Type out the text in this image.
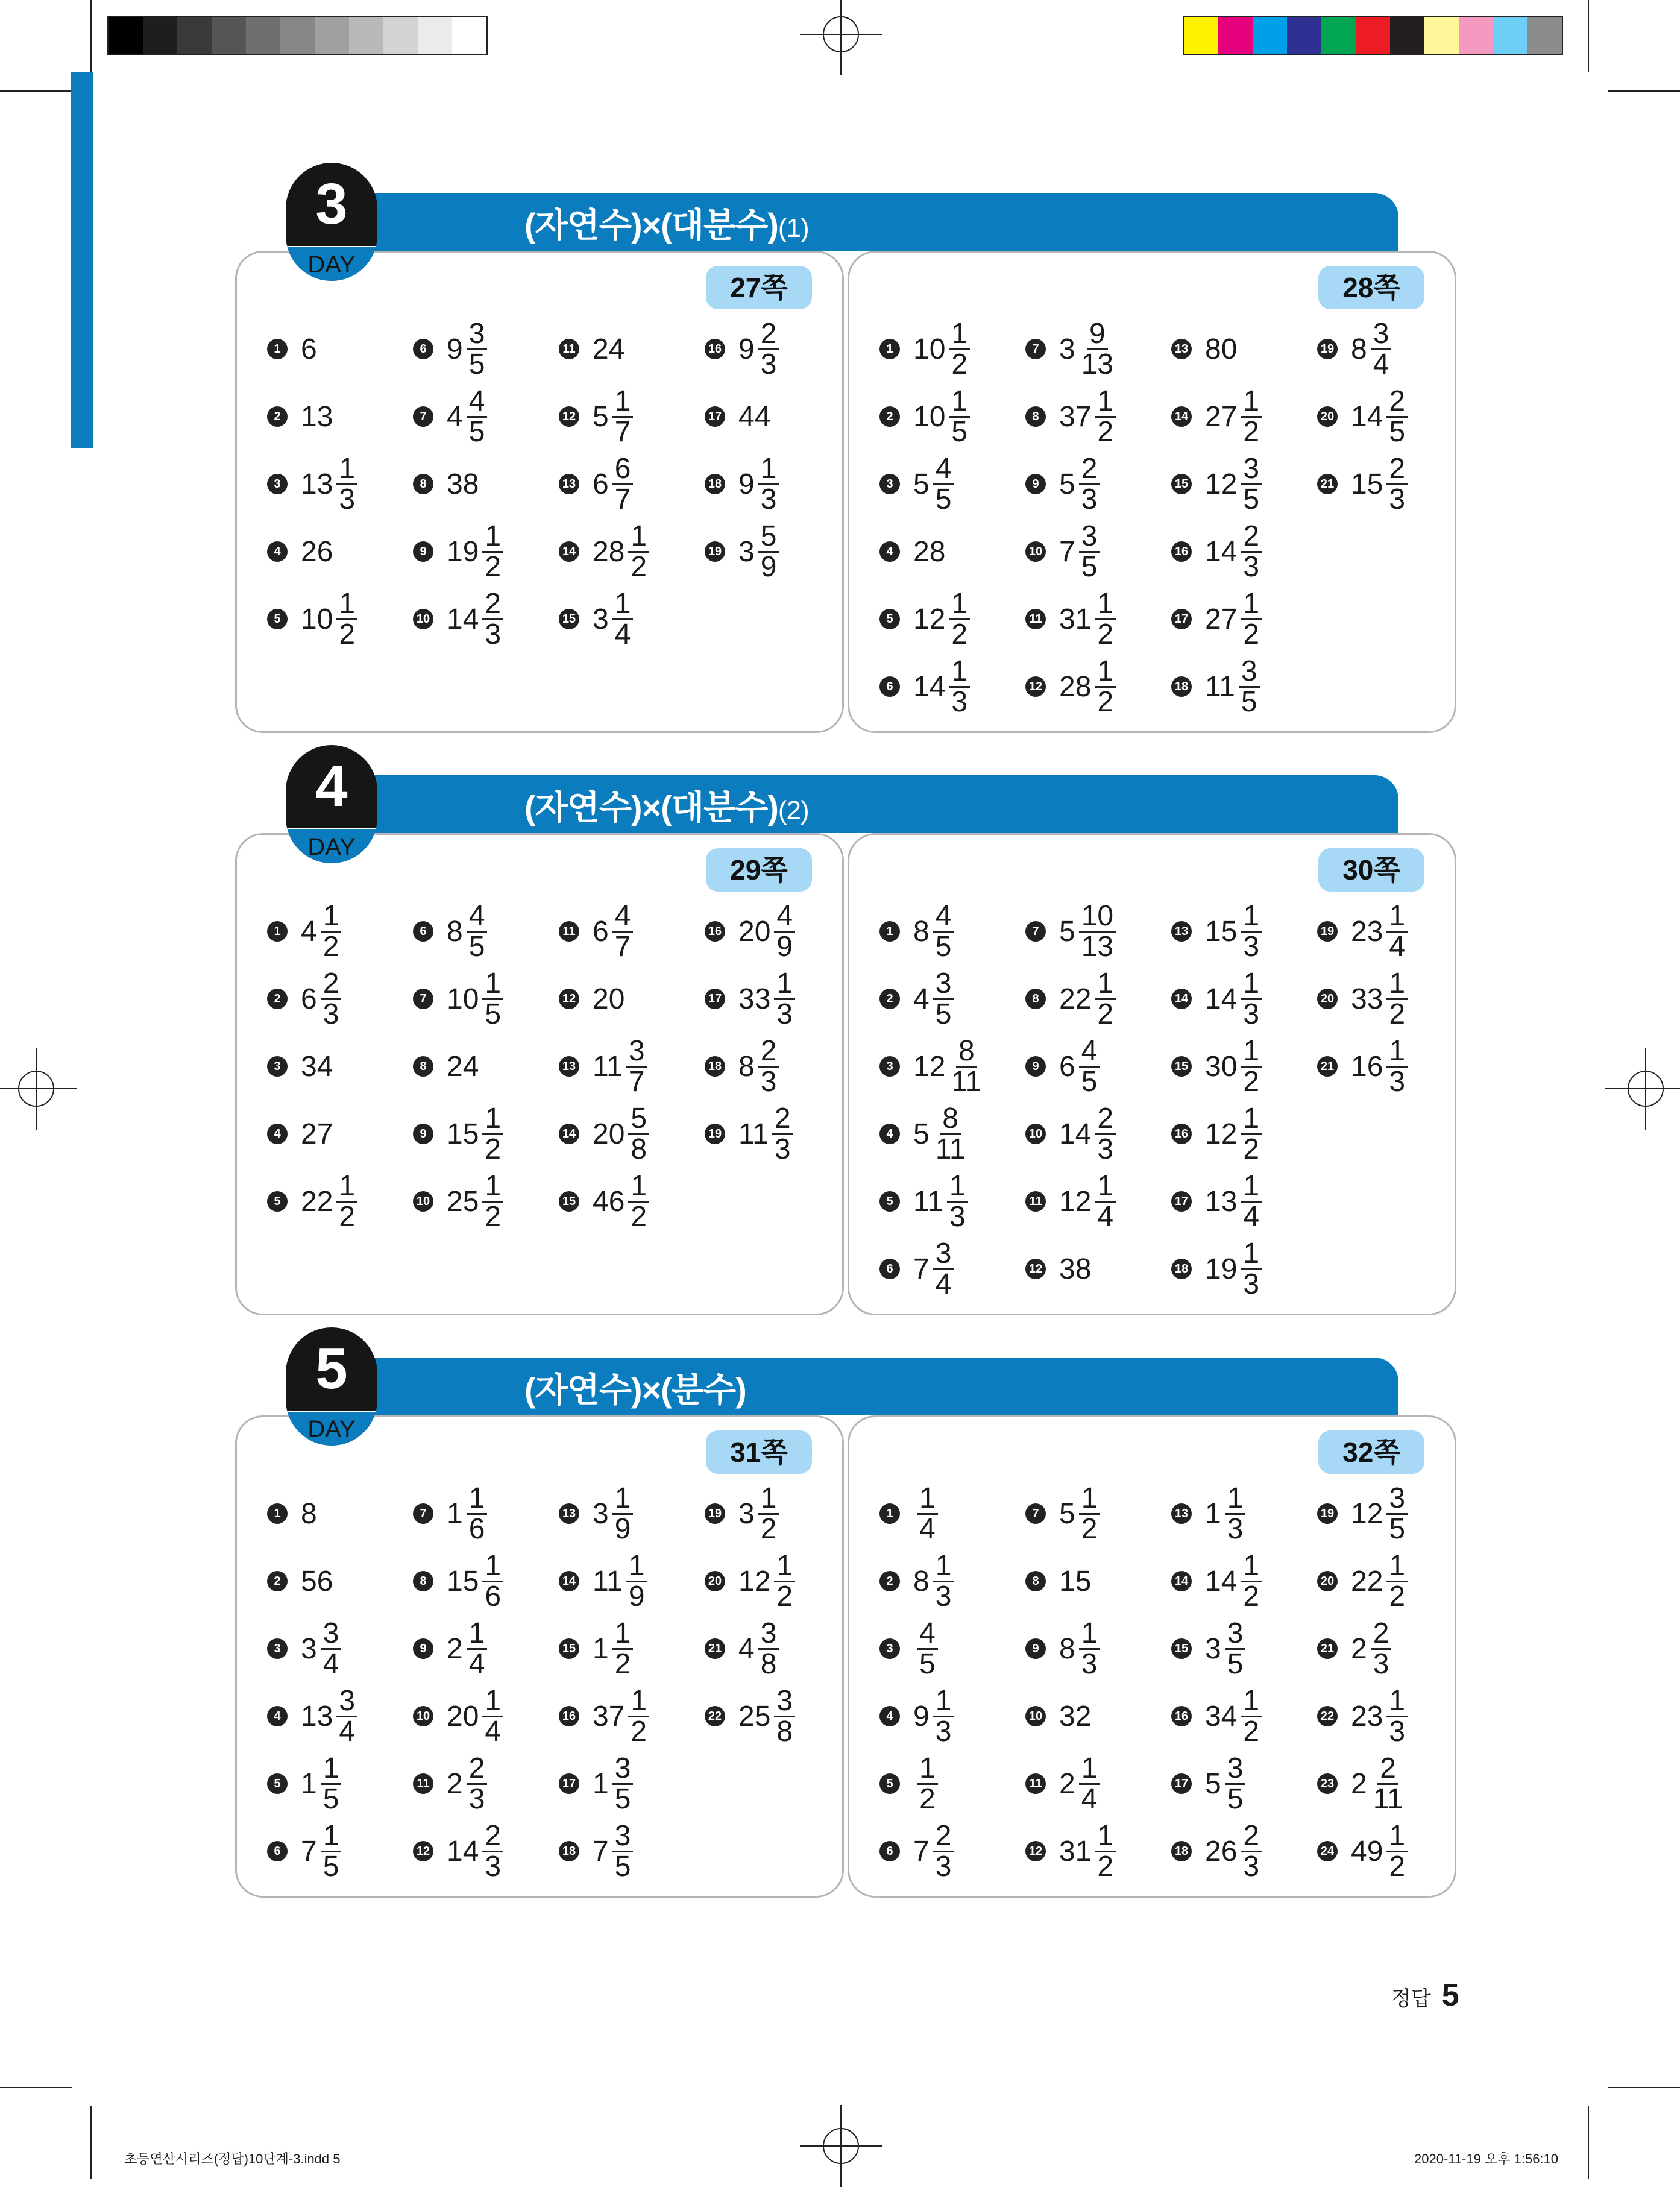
(자연수)×(대분수)(1)
27쪽
1 6
2 13
3 $13 \frac{1}{3}$
4 26
5 $10 \frac{1}{2}$
6 $9 \frac{3}{5}$
7 $4 \frac{4}{5}$
8 38
9 $19 \frac{1}{2}$
10 $14 \frac{2}{3}$
11 24
12 $5 \frac{1}{7}$
13 $6 \frac{6}{7}$
14 $28 \frac{1}{2}$
15 $3 \frac{1}{4}$
16 $9 \frac{2}{3}$
17 44
18 $9 \frac{1}{3}$
19 $3 \frac{5}{9}$
28쪽
1 $10 \frac{1}{2}$
2 $10 \frac{1}{5}$
3 $5 \frac{4}{5}$
4 28
5 $12 \frac{1}{2}$
6 $14 \frac{1}{3}$
7 $3 \frac{9}{13}$
8 $37 \frac{1}{2}$
9 $5 \frac{2}{3}$
10 $7 \frac{3}{5}$
11 $31 \frac{1}{2}$
12 $28 \frac{1}{2}$
13 80
14 $27 \frac{1}{2}$
15 $12 \frac{3}{5}$
16 $14 \frac{2}{3}$
17 $27 \frac{1}{2}$
18 $11 \frac{3}{5}$
19 $8 \frac{3}{4}$
20 $14 \frac{2}{5}$
21 $15 \frac{2}{3}$
3
DAY
(자연수)×(대분수)(2)
29쪽
1 $4 \frac{1}{2}$
2 $6 \frac{2}{3}$
3 34
4 27
5 $22 \frac{1}{2}$
6 $8 \frac{4}{5}$
7 $10 \frac{1}{5}$
8 24
9 $15 \frac{1}{2}$
10 $25 \frac{1}{2}$
11 $6 \frac{4}{7}$
12 20
13 $11 \frac{3}{7}$
14 $20 \frac{5}{8}$
15 $46 \frac{1}{2}$
16 $20 \frac{4}{9}$
17 $33 \frac{1}{3}$
18 $8 \frac{2}{3}$
19 $11 \frac{2}{3}$
30쪽
1 $8 \frac{4}{5}$
2 $4 \frac{3}{5}$
3 $12 \frac{8}{11}$
4 $5 \frac{8}{11}$
5 $11 \frac{1}{3}$
6 $7 \frac{3}{4}$
7 $5 \frac{10}{13}$
8 $22 \frac{1}{2}$
9 $6 \frac{4}{5}$
10 $14 \frac{2}{3}$
11 $12 \frac{1}{4}$
12 38
13 $15 \frac{1}{3}$
14 $14 \frac{1}{3}$
15 $30 \frac{1}{2}$
16 $12 \frac{1}{2}$
17 $13 \frac{1}{4}$
18 $19 \frac{1}{3}$
19 $23 \frac{1}{4}$
20 $33 \frac{1}{2}$
21 $16 \frac{1}{3}$
4
DAY
(자연수)×(분수)
31쪽
1 8
2 56
3 $3 \frac{3}{4}$
4 $13 \frac{3}{4}$
5 $1 \frac{1}{5}$
6 $7 \frac{1}{5}$
7 $1 \frac{1}{6}$
8 $15 \frac{1}{6}$
9 $2 \frac{1}{4}$
10 $20 \frac{1}{4}$
11 $2 \frac{2}{3}$
12 $14 \frac{2}{3}$
13 $3 \frac{1}{9}$
14 $11 \frac{1}{9}$
15 $1 \frac{1}{2}$
16 $37 \frac{1}{2}$
17 $1 \frac{3}{5}$
18 $7 \frac{3}{5}$
19 $3 \frac{1}{2}$
20 $12 \frac{1}{2}$
21 $4 \frac{3}{8}$
22 $25 \frac{3}{8}$
32쪽
$1 \frac{1}{4}$
2 $8 \frac{1}{3}$
$3 \frac{4}{5}$
4 $9 \frac{1}{3}$
$5 \frac{1}{2}$
6 $7 \frac{2}{3}$
7 $5 \frac{1}{2}$
8 15
9 $8 \frac{1}{3}$
10 32
11 $2 \frac{1}{4}$
12 $31 \frac{1}{2}$
13 $1 \frac{1}{3}$
14 $14 \frac{1}{2}$
15 $3 \frac{3}{5}$
16 $34 \frac{1}{2}$
17 $5 \frac{3}{5}$
18 $26 \frac{2}{3}$
19 $12 \frac{3}{5}$
20 $22 \frac{1}{2}$
21 $2 \frac{2}{3}$
22 $23 \frac{1}{3}$
23 $2 \frac{2}{11}$
24 $49 \frac{1}{2}$
5
DAY
정답 5
초등연산시리즈(정답)10단계-3.indd 5	2020-11-19 오후 1:56:10
